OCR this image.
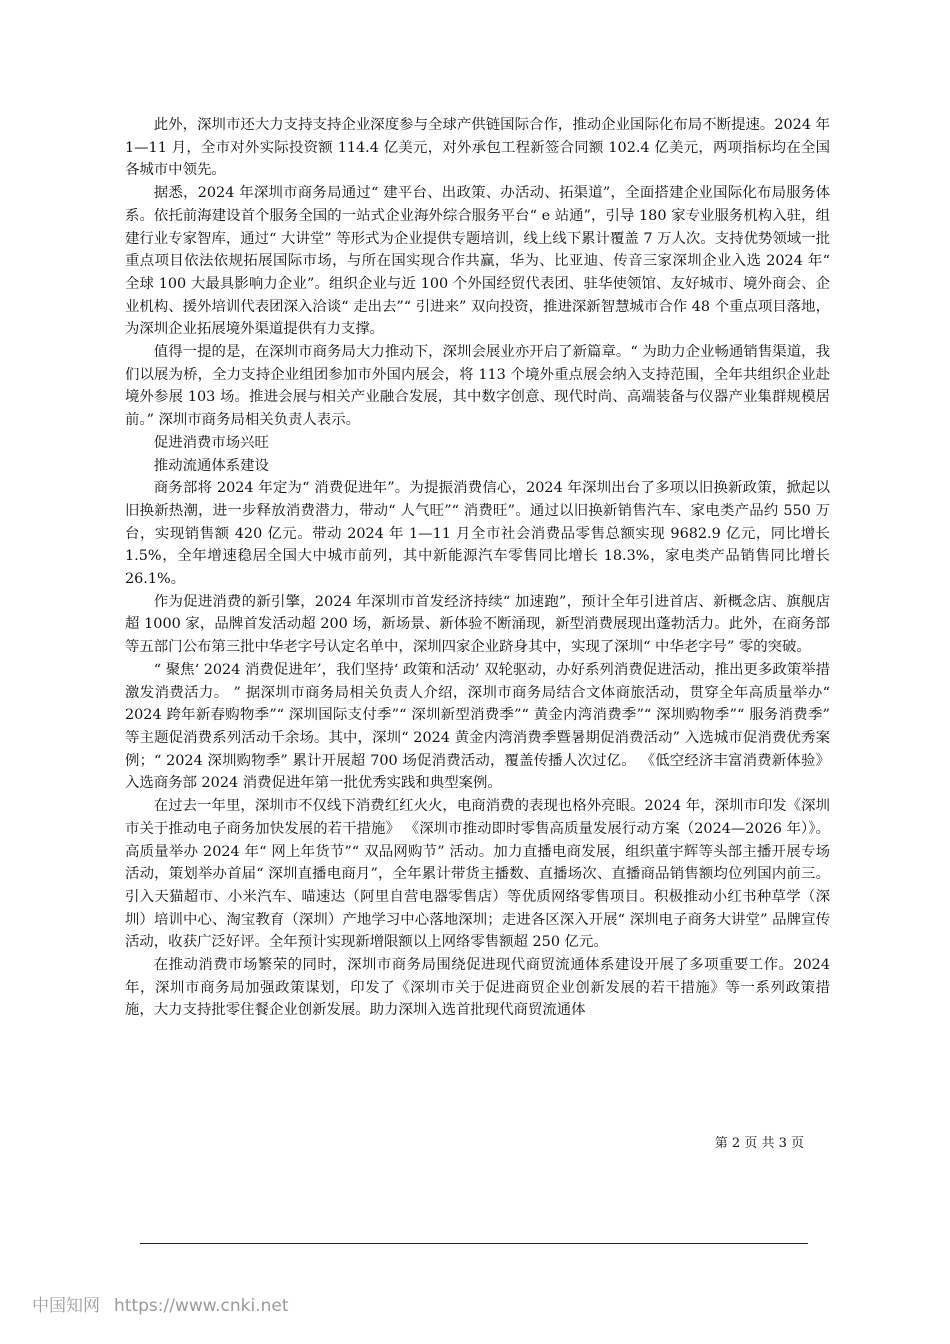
此外，深圳市还大力支持支持企业深度参与全球产供链国际合作，推动企业国际化布局不断提速。2024 年 1—11 月，全市对外实际投资额 114.4 亿美元，对外承包工程新签合同额 102.4 亿美元，两项指标均在全国各城市中领先。

据悉，2024 年深圳市商务局通过“ 建平台、出政策、办活动、拓渠道”，全面搭建企业国际化布局服务体系。依托前海建设首个服务全国的一站式企业海外综合服务平台“ e 站通”，引导 180 家专业服务机构入驻，组建行业专家智库，通过“ 大讲堂” 等形式为企业提供专题培训，线上线下累计覆盖 7 万人次。支持优势领域一批重点项目依法依规拓展国际市场，与所在国实现合作共赢，华为、比亚迪、传音三家深圳企业入选 2024 年“ 全球 100 大最具影响力企业”。组织企业与近 100 个外国经贸代表团、驻华使领馆、友好城市、境外商会、企业机构、援外培训代表团深入洽谈“ 走出去”“ 引进来” 双向投资，推进深新智慧城市合作 48 个重点项目落地，为深圳企业拓展境外渠道提供有力支撑。

值得一提的是，在深圳市商务局大力推动下，深圳会展业亦开启了新篇章。“ 为助力企业畅通销售渠道，我们以展为桥，全力支持企业组团参加市外国内展会，将 113 个境外重点展会纳入支持范围，全年共组织企业赴境外参展 103 场。推进会展与相关产业融合发展，其中数字创意、现代时尚、高端装备与仪器产业集群规模居前。” 深圳市商务局相关负责人表示。

促进消费市场兴旺

推动流通体系建设

商务部将 2024 年定为“ 消费促进年”。为提振消费信心，2024 年深圳出台了多项以旧换新政策，掀起以旧换新热潮，进一步释放消费潜力，带动“ 人气旺”“ 消费旺”。通过以旧换新销售汽车、家电类产品约 550 万台，实现销售额 420 亿元。带动 2024 年 1—11 月全市社会消费品零售总额实现 9682.9 亿元，同比增长 1.5%，全年增速稳居全国大中城市前列，其中新能源汽车零售同比增长 18.3%，家电类产品销售同比增长 26.1%。

作为促进消费的新引擎，2024 年深圳市首发经济持续“ 加速跑”，预计全年引进首店、新概念店、旗舰店超 1000 家，品牌首发活动超 200 场，新场景、新体验不断涌现，新型消费展现出蓬勃活力。此外，在商务部等五部门公布第三批中华老字号认定名单中，深圳四家企业跻身其中，实现了深圳“ 中华老字号” 零的突破。

“ 聚焦‘ 2024 消费促进年’，我们坚持‘ 政策和活动’ 双轮驱动，办好系列消费促进活动，推出更多政策举措激发消费活力。 ” 据深圳市商务局相关负责人介绍，深圳市商务局结合文体商旅活动，贯穿全年高质量举办“ 2024 跨年新春购物季”“ 深圳国际支付季”“ 深圳新型消费季”“ 黄金内湾消费季”“ 深圳购物季”“ 服务消费季” 等主题促消费系列活动千余场。其中，深圳“ 2024 黄金内湾消费季暨暑期促消费活动” 入选城市促消费优秀案例；“ 2024 深圳购物季” 累计开展超 700 场促消费活动，覆盖传播人次过亿。 《低空经济丰富消费新体验》入选商务部 2024 消费促进年第一批优秀实践和典型案例。

在过去一年里，深圳市不仅线下消费红红火火，电商消费的表现也格外亮眼。2024 年，深圳市印发《深圳市关于推动电子商务加快发展的若干措施》 《深圳市推动即时零售高质量发展行动方案（2024—2026 年）》。高质量举办 2024 年“ 网上年货节”“ 双品网购节” 活动。加力直播电商发展，组织董宇辉等头部主播开展专场活动，策划举办首届“ 深圳直播电商月”，全年累计带货主播数、直播场次、直播商品销售额均位列国内前三。引入天猫超市、小米汽车、喵速达（阿里自营电器零售店）等优质网络零售项目。积极推动小红书种草学（深圳）培训中心、淘宝教育（深圳）产地学习中心落地深圳；走进各区深入开展“ 深圳电子商务大讲堂” 品牌宣传活动，收获广泛好评。全年预计实现新增限额以上网络零售额超 250 亿元。

在推动消费市场繁荣的同时，深圳市商务局围绕促进现代商贸流通体系建设开展了多项重要工作。2024 年，深圳市商务局加强政策谋划，印发了《深圳市关于促进商贸企业创新发展的若干措施》等一系列政策措施，大力支持批零住餐企业创新发展。助力深圳入选首批现代商贸流通体

第 2 页 共 3 页
中国知网 https://www.cnki.net
